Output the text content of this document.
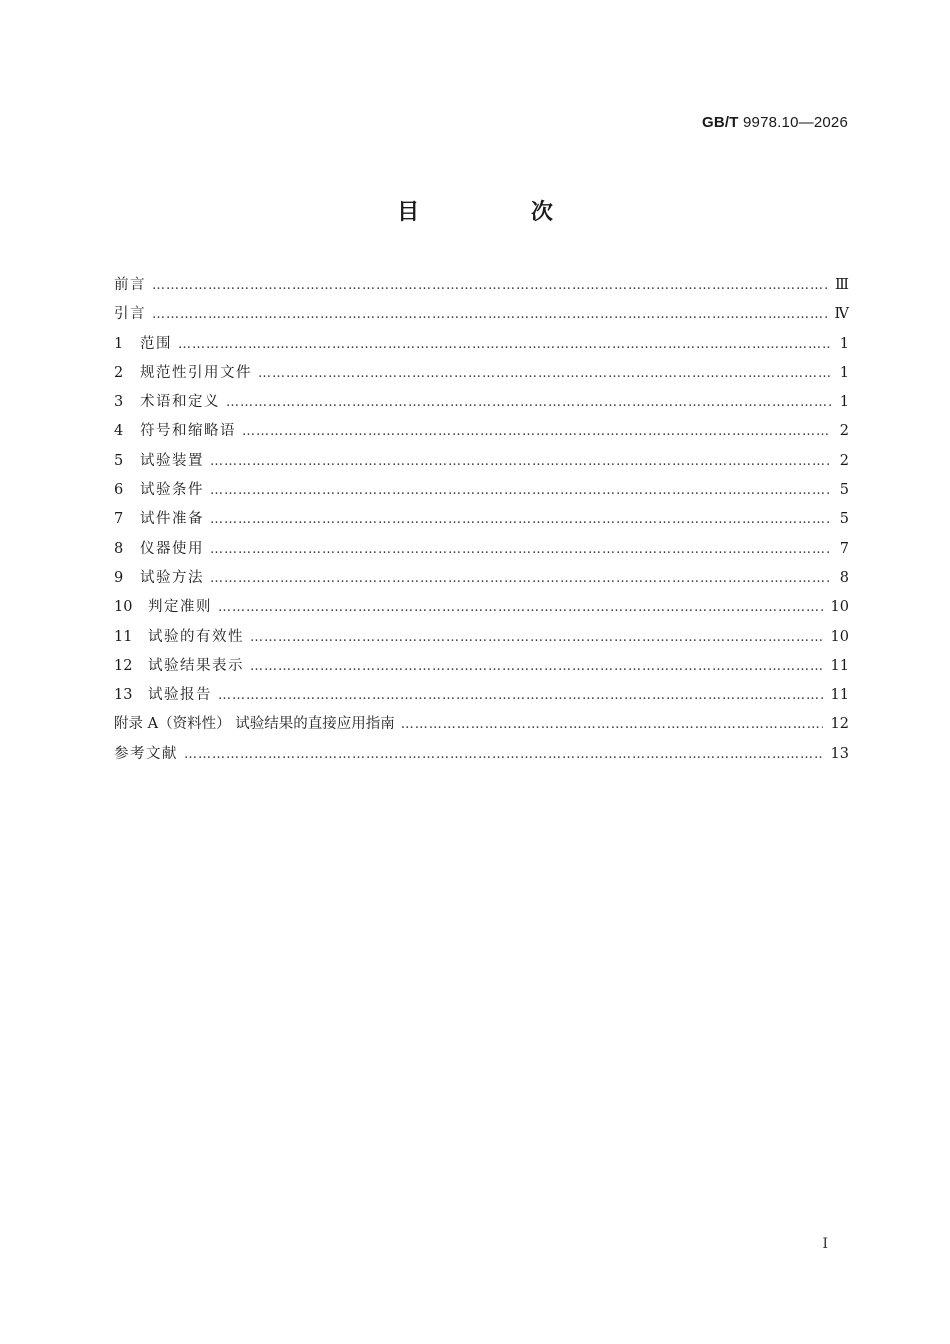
GB/T 9978.10—2026
目 次
前言 ……………………………………………………………………………………………………………………………………………………………………………………………………………………………	Ⅲ
引言 ……………………………………………………………………………………………………………………………………………………………………………………………………………………………	Ⅳ
1	范围 ……………………………………………………………………………………………………………………………………………………………………………………………………………………………	1
2	规范性引用文件 ……………………………………………………………………………………………………………………………………………………………………………………………………………………………	1
3	术语和定义 ……………………………………………………………………………………………………………………………………………………………………………………………………………………………	1
4	符号和缩略语 ……………………………………………………………………………………………………………………………………………………………………………………………………………………………	2
5	试验装置 ……………………………………………………………………………………………………………………………………………………………………………………………………………………………	2
6	试验条件 ……………………………………………………………………………………………………………………………………………………………………………………………………………………………	5
7	试件准备 ……………………………………………………………………………………………………………………………………………………………………………………………………………………………	5
8	仪器使用 ……………………………………………………………………………………………………………………………………………………………………………………………………………………………	7
9	试验方法 ……………………………………………………………………………………………………………………………………………………………………………………………………………………………	8
10	判定准则 ……………………………………………………………………………………………………………………………………………………………………………………………………………………………	10
11	试验的有效性 ……………………………………………………………………………………………………………………………………………………………………………………………………………………………	10
12	试验结果表示 ……………………………………………………………………………………………………………………………………………………………………………………………………………………………	11
13	试验报告 ……………………………………………………………………………………………………………………………………………………………………………………………………………………………	11
附录 A（资料性） 试验结果的直接应用指南 ……………………………………………………………………………………………………………………………………………………………………………………………………………………………	12
参考文献 ……………………………………………………………………………………………………………………………………………………………………………………………………………………………	13
I
